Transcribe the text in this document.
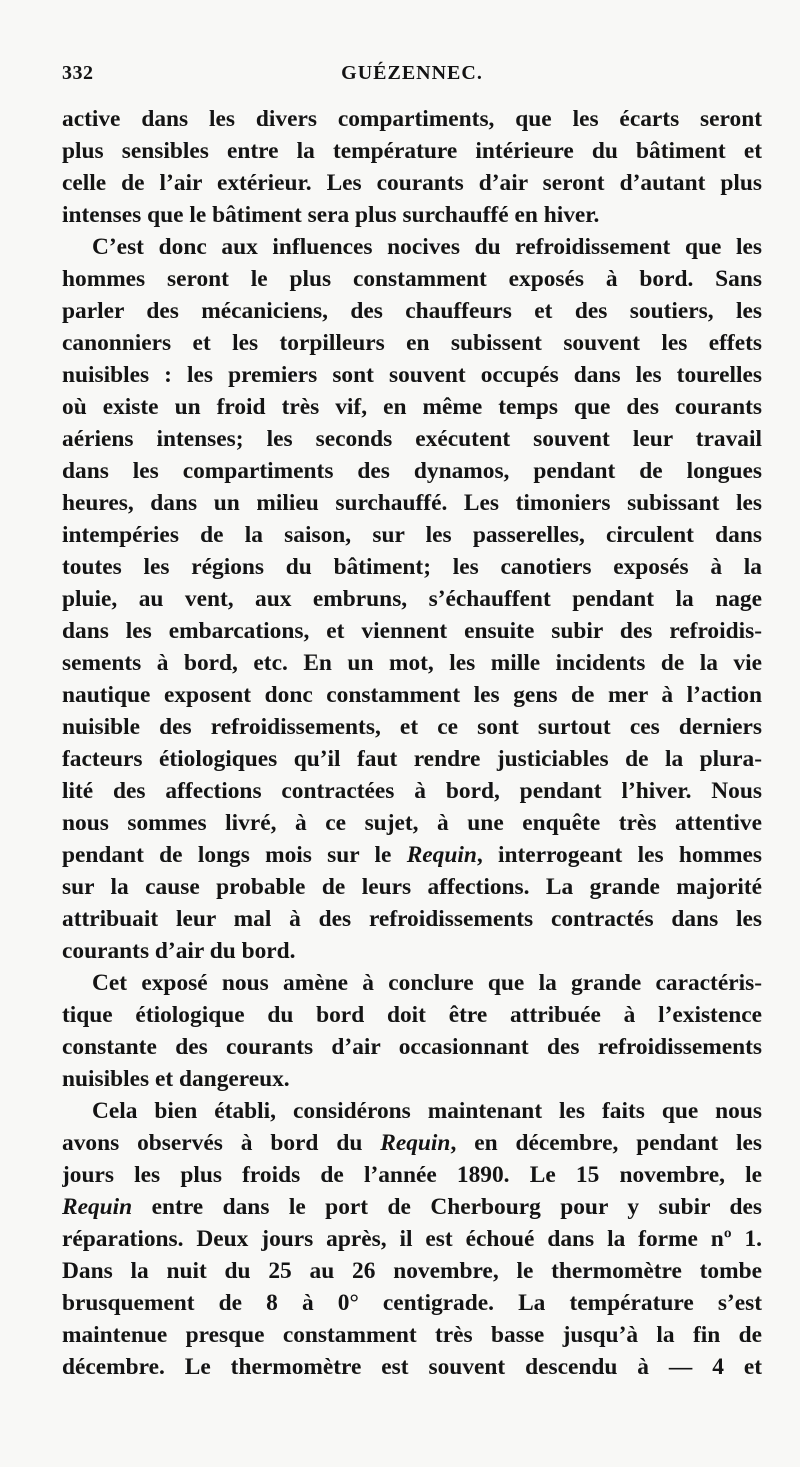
332	GUÉZENNEC.
active dans les divers compartiments, que les écarts seront
plus sensibles entre la température intérieure du bâtiment et
celle de l’air extérieur. Les courants d’air seront d’autant plus
intenses que le bâtiment sera plus surchauffé en hiver.
C’est donc aux influences nocives du refroidissement que les
hommes seront le plus constamment exposés à bord. Sans
parler des mécaniciens, des chauffeurs et des soutiers, les
canonniers et les torpilleurs en subissent souvent les effets
nuisibles : les premiers sont souvent occupés dans les tourelles
où existe un froid très vif, en même temps que des courants
aériens intenses; les seconds exécutent souvent leur travail
dans les compartiments des dynamos, pendant de longues
heures, dans un milieu surchauffé. Les timoniers subissant les
intempéries de la saison, sur les passerelles, circulent dans
toutes les régions du bâtiment; les canotiers exposés à la
pluie, au vent, aux embruns, s’échauffent pendant la nage
dans les embarcations, et viennent ensuite subir des refroidis-
sements à bord, etc. En un mot, les mille incidents de la vie
nautique exposent donc constamment les gens de mer à l’action
nuisible des refroidissements, et ce sont surtout ces derniers
facteurs étiologiques qu’il faut rendre justiciables de la plura-
lité des affections contractées à bord, pendant l’hiver. Nous
nous sommes livré, à ce sujet, à une enquête très attentive
pendant de longs mois sur le Requin, interrogeant les hommes
sur la cause probable de leurs affections. La grande majorité
attribuait leur mal à des refroidissements contractés dans les
courants d’air du bord.
Cet exposé nous amène à conclure que la grande caractéris-
tique étiologique du bord doit être attribuée à l’existence
constante des courants d’air occasionnant des refroidissements
nuisibles et dangereux.
Cela bien établi, considérons maintenant les faits que nous
avons observés à bord du Requin, en décembre, pendant les
jours les plus froids de l’année 1890. Le 15 novembre, le
Requin entre dans le port de Cherbourg pour y subir des
réparations. Deux jours après, il est échoué dans la forme nº 1.
Dans la nuit du 25 au 26 novembre, le thermomètre tombe
brusquement de 8 à 0° centigrade. La température s’est
maintenue presque constamment très basse jusqu’à la fin de
décembre. Le thermomètre est souvent descendu à — 4 et
